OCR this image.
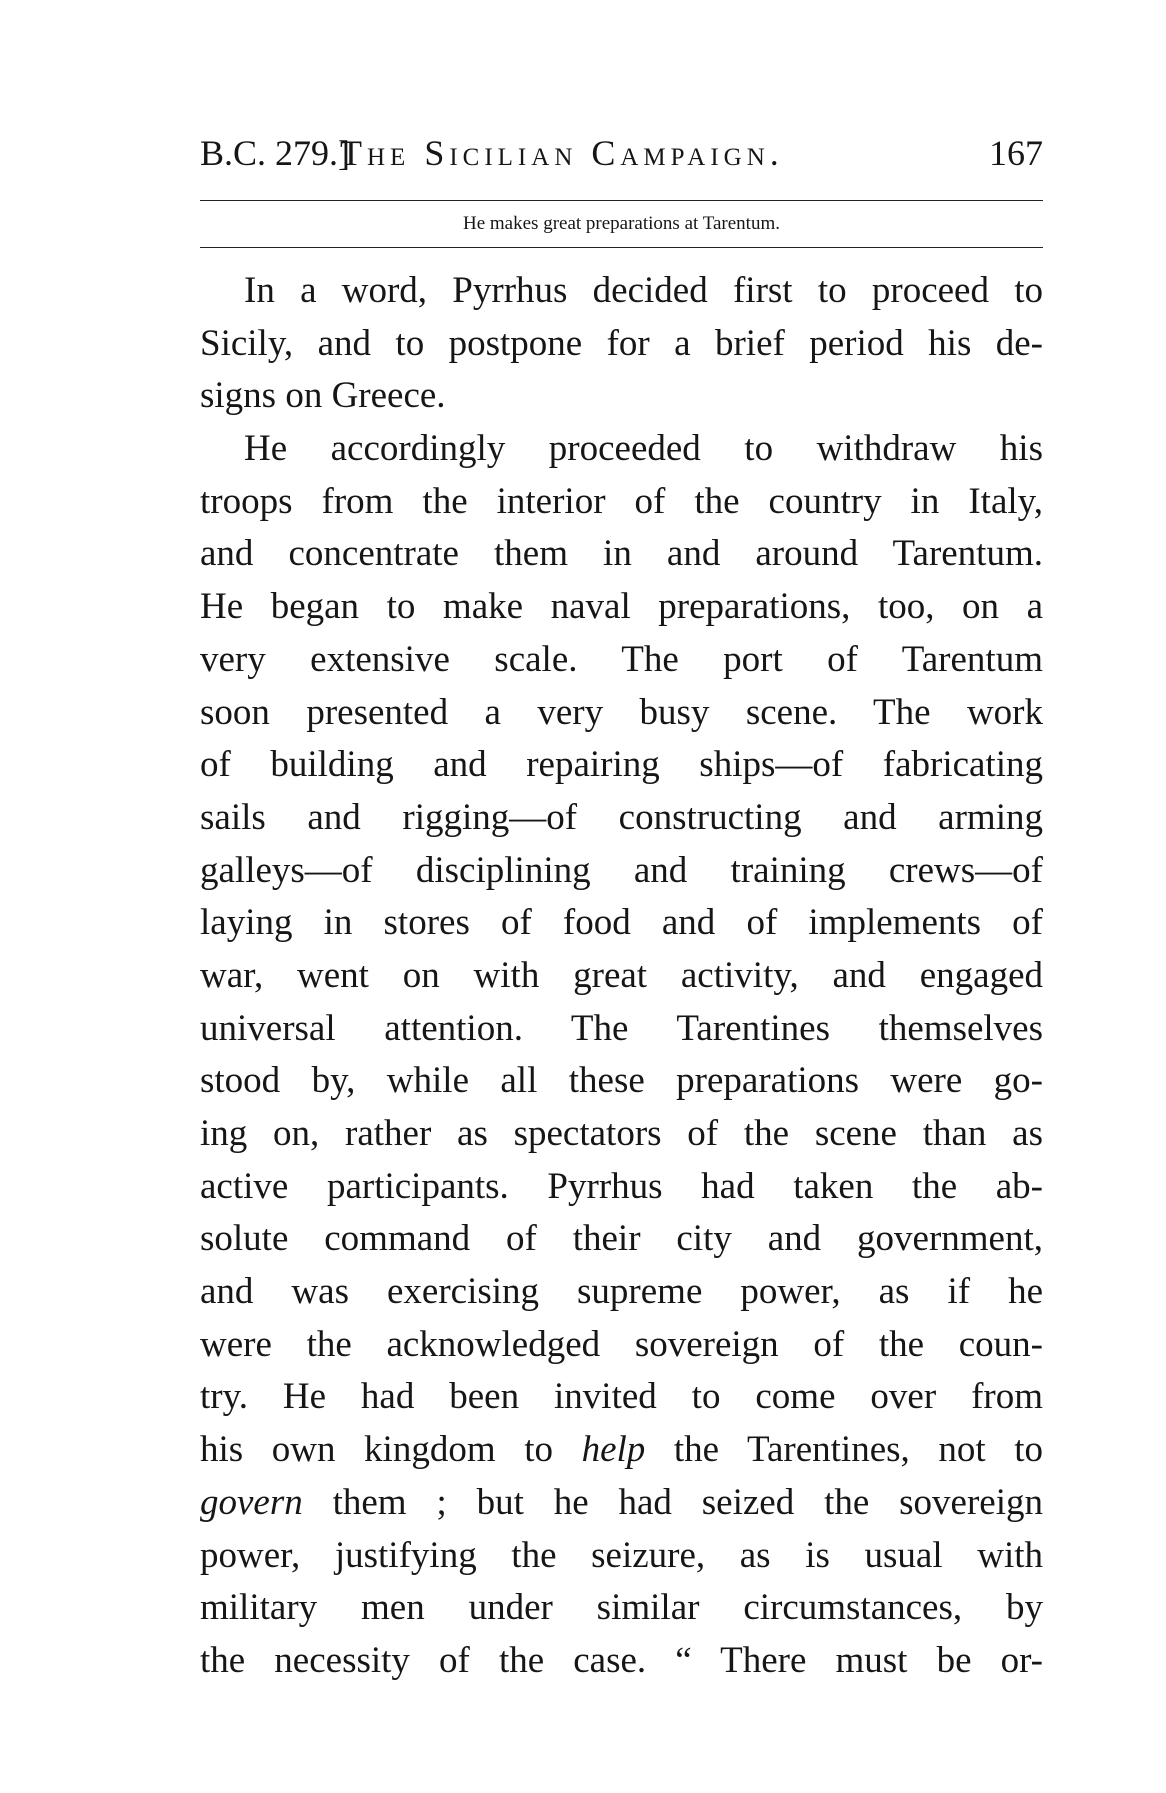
B.C. 279.]
The Sicilian Campaign.	167
He makes great preparations at Tarentum.
In a word, Pyrrhus decided first to proceed to
Sicily, and to postpone for a brief period his de-
signs on Greece.
He accordingly proceeded to withdraw his
troops from the interior of the country in Italy,
and concentrate them in and around Tarentum.
He began to make naval preparations, too, on a
very extensive scale. The port of Tarentum
soon presented a very busy scene. The work
of building and repairing ships—of fabricating
sails and rigging—of constructing and arming
galleys—of disciplining and training crews—of
laying in stores of food and of implements of
war, went on with great activity, and engaged
universal attention. The Tarentines themselves
stood by, while all these preparations were go-
ing on, rather as spectators of the scene than as
active participants. Pyrrhus had taken the ab-
solute command of their city and government,
and was exercising supreme power, as if he
were the acknowledged sovereign of the coun-
try. He had been invited to come over from
his own kingdom to help the Tarentines, not to
govern them ; but he had seized the sovereign
power, justifying the seizure, as is usual with
military men under similar circumstances, by
the necessity of the case. “ There must be or-
